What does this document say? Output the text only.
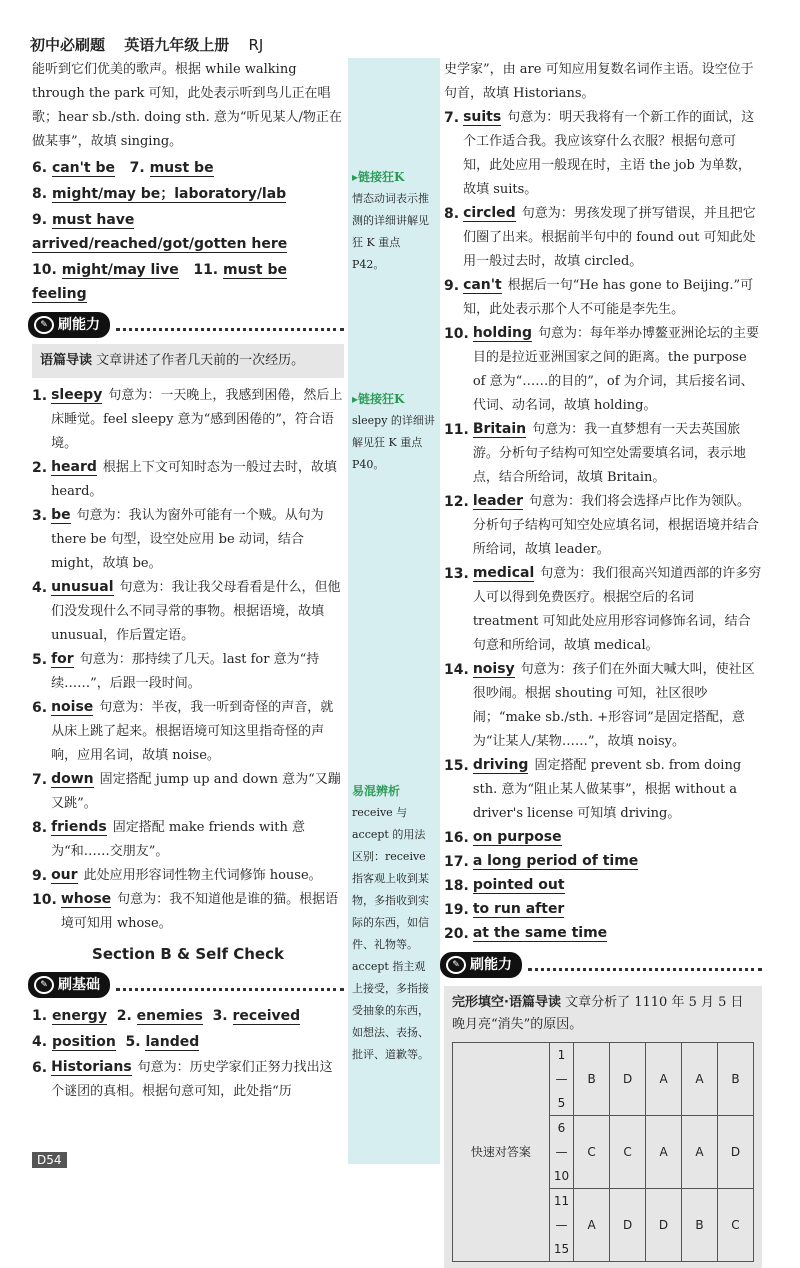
初中必刷题 英语九年级上册 RJ
能听到它们优美的歌声。根据 while walking through the park 可知，此处表示听到鸟儿正在唱歌；hear sb./sth. doing sth. 意为“听见某人/物正在做某事”，故填 singing。
6. can't be 7. must be
8. might/may be；laboratory/lab
9. must have arrived/reached/got/gotten here
10. might/may live 11. must be feeling
✎ 刷能力
语篇导读 文章讲述了作者几天前的一次经历。
1. sleepy 句意为：一天晚上，我感到困倦，然后上床睡觉。feel sleepy 意为“感到困倦的”，符合语境。
2. heard 根据上下文可知时态为一般过去时，故填 heard。
3. be 句意为：我认为窗外可能有一个贼。从句为 there be 句型，设空处应用 be 动词，结合 might，故填 be。
4. unusual 句意为：我让我父母看看是什么，但他们没发现什么不同寻常的事物。根据语境，故填 unusual，作后置定语。
5. for 句意为：那持续了几天。last for 意为“持续……”，后跟一段时间。
6. noise 句意为：半夜，我一听到奇怪的声音，就从床上跳了起来。根据语境可知这里指奇怪的声响，应用名词，故填 noise。
7. down 固定搭配 jump up and down 意为“又蹦又跳”。
8. friends 固定搭配 make friends with 意为“和……交朋友”。
9. our 此处应用形容词性物主代词修饰 house。
10. whose 句意为：我不知道他是谁的猫。根据语境可知用 whose。
Section B & Self Check
✎ 刷基础
1. energy 2. enemies 3. received
4. position 5. landed
6. Historians 句意为：历史学家们正努力找出这个谜团的真相。根据句意可知，此处指“历
▸链接狂K
情态动词表示推测的详细讲解见狂 K 重点 P42。
▸链接狂K
sleepy 的详细讲解见狂 K 重点 P40。
易混辨析
receive 与 accept 的用法区别：receive 指客观上收到某物，多指收到实际的东西，如信件、礼物等。accept 指主观上接受，多指接受抽象的东西，如想法、表扬、批评、道歉等。
史学家”，由 are 可知应用复数名词作主语。设空位于句首，故填 Historians。
7. suits 句意为：明天我将有一个新工作的面试，这个工作适合我。我应该穿什么衣服？根据句意可知，此处应用一般现在时，主语 the job 为单数，故填 suits。
8. circled 句意为：男孩发现了拼写错误，并且把它们圈了出来。根据前半句中的 found out 可知此处用一般过去时，故填 circled。
9. can't 根据后一句“He has gone to Beijing.”可知，此处表示那个人不可能是李先生。
10. holding 句意为：每年举办博鳌亚洲论坛的主要目的是拉近亚洲国家之间的距离。the purpose of 意为“……的目的”，of 为介词，其后接名词、代词、动名词，故填 holding。
11. Britain 句意为：我一直梦想有一天去英国旅游。分析句子结构可知空处需要填名词，表示地点，结合所给词，故填 Britain。
12. leader 句意为：我们将会选择卢比作为领队。分析句子结构可知空处应填名词，根据语境并结合所给词，故填 leader。
13. medical 句意为：我们很高兴知道西部的许多穷人可以得到免费医疗。根据空后的名词 treatment 可知此处应用形容词修饰名词，结合句意和所给词，故填 medical。
14. noisy 句意为：孩子们在外面大喊大叫，使社区很吵闹。根据 shouting 可知，社区很吵闹；“make sb./sth. +形容词”是固定搭配，意为“让某人/某物……”，故填 noisy。
15. driving 固定搭配 prevent sb. from doing sth. 意为“阻止某人做某事”，根据 without a driver's license 可知填 driving。
16. on purpose
17. a long period of time
18. pointed out
19. to run after
20. at the same time
✎ 刷能力
完形填空·语篇导读 文章分析了 1110 年 5 月 5 日晚月亮“消失”的原因。
快速对答案	1—5	B	D	A	A	B
	6—10	C	C	A	A	D
	11—15	A	D	D	B	C
D54
